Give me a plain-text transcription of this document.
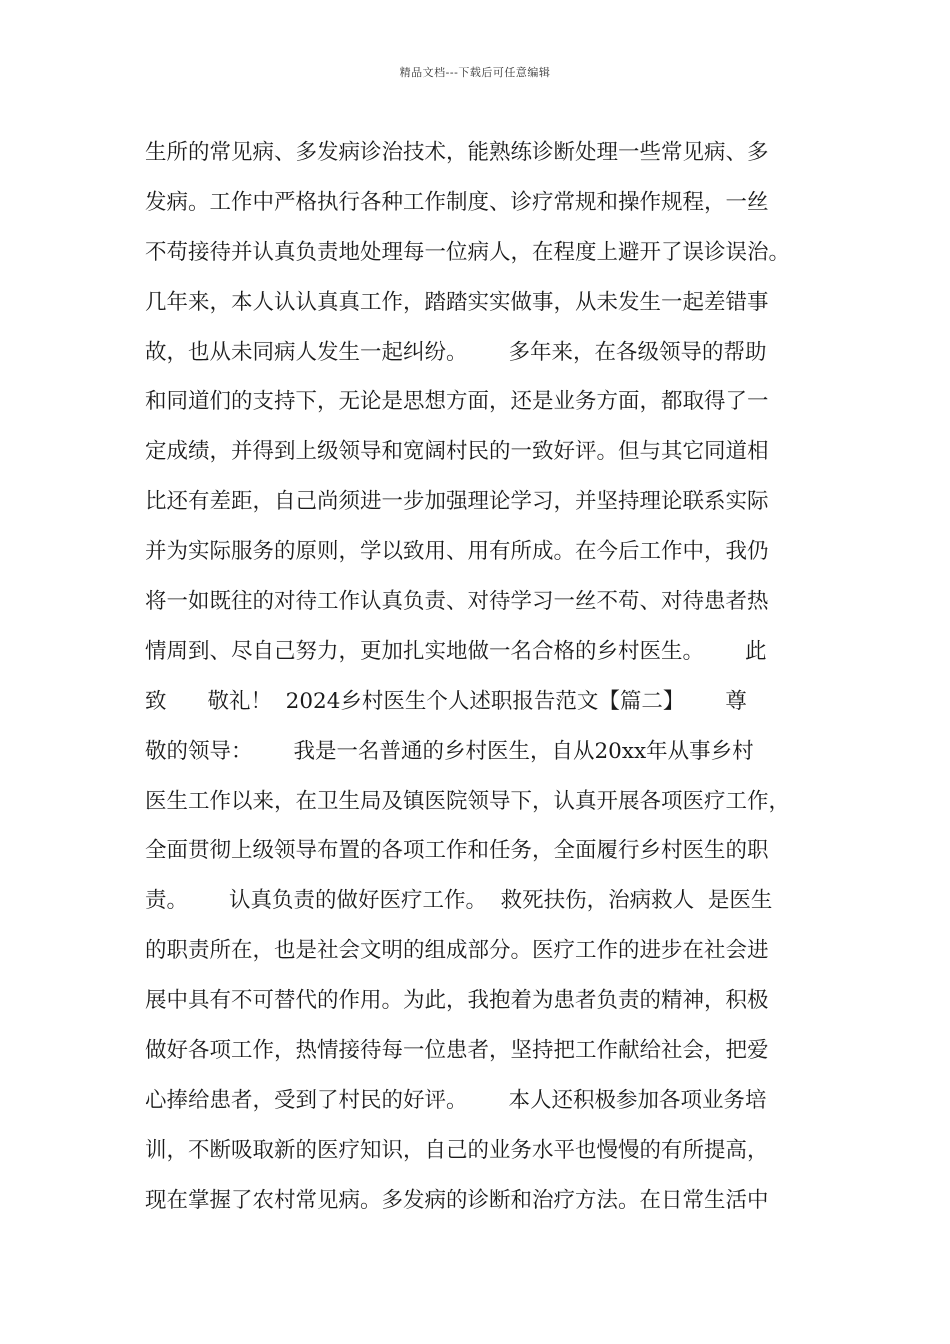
精品文档---下载后可任意编辑
生所的常见病、多发病诊治技术，能熟练诊断处理一些常见病、多
发病。工作中严格执行各种工作制度、诊疗常规和操作规程，一丝
不苟接待并认真负责地处理每一位病人，在程度上避开了误诊误治。
几年来，本人认认真真工作，踏踏实实做事，从未发生一起差错事
故，也从未同病人发生一起纠纷。      多年来，在各级领导的帮助
和同道们的支持下，无论是思想方面，还是业务方面，都取得了一
定成绩，并得到上级领导和宽阔村民的一致好评。但与其它同道相
比还有差距，自己尚须进一步加强理论学习，并坚持理论联系实际
并为实际服务的原则，学以致用、用有所成。在今后工作中，我仍
将一如既往的对待工作认真负责、对待学习一丝不苟、对待患者热
情周到、尽自己努力，更加扎实地做一名合格的乡村医生。      此
致      敬礼！  2024乡村医生个人述职报告范文【篇二】      尊
敬的领导：      我是一名普通的乡村医生，自从20xx年从事乡村
医生工作以来，在卫生局及镇医院领导下，认真开展各项医疗工作，
全面贯彻上级领导布置的各项工作和任务，全面履行乡村医生的职
责。      认真负责的做好医疗工作。  救死扶伤，治病救人  是医生
的职责所在，也是社会文明的组成部分。医疗工作的进步在社会进
展中具有不可替代的作用。为此，我抱着为患者负责的精神，积极
做好各项工作，热情接待每一位患者，坚持把工作献给社会，把爱
心捧给患者，受到了村民的好评。      本人还积极参加各项业务培
训，不断吸取新的医疗知识，自己的业务水平也慢慢的有所提高，
现在掌握了农村常见病。多发病的诊断和治疗方法。在日常生活中
